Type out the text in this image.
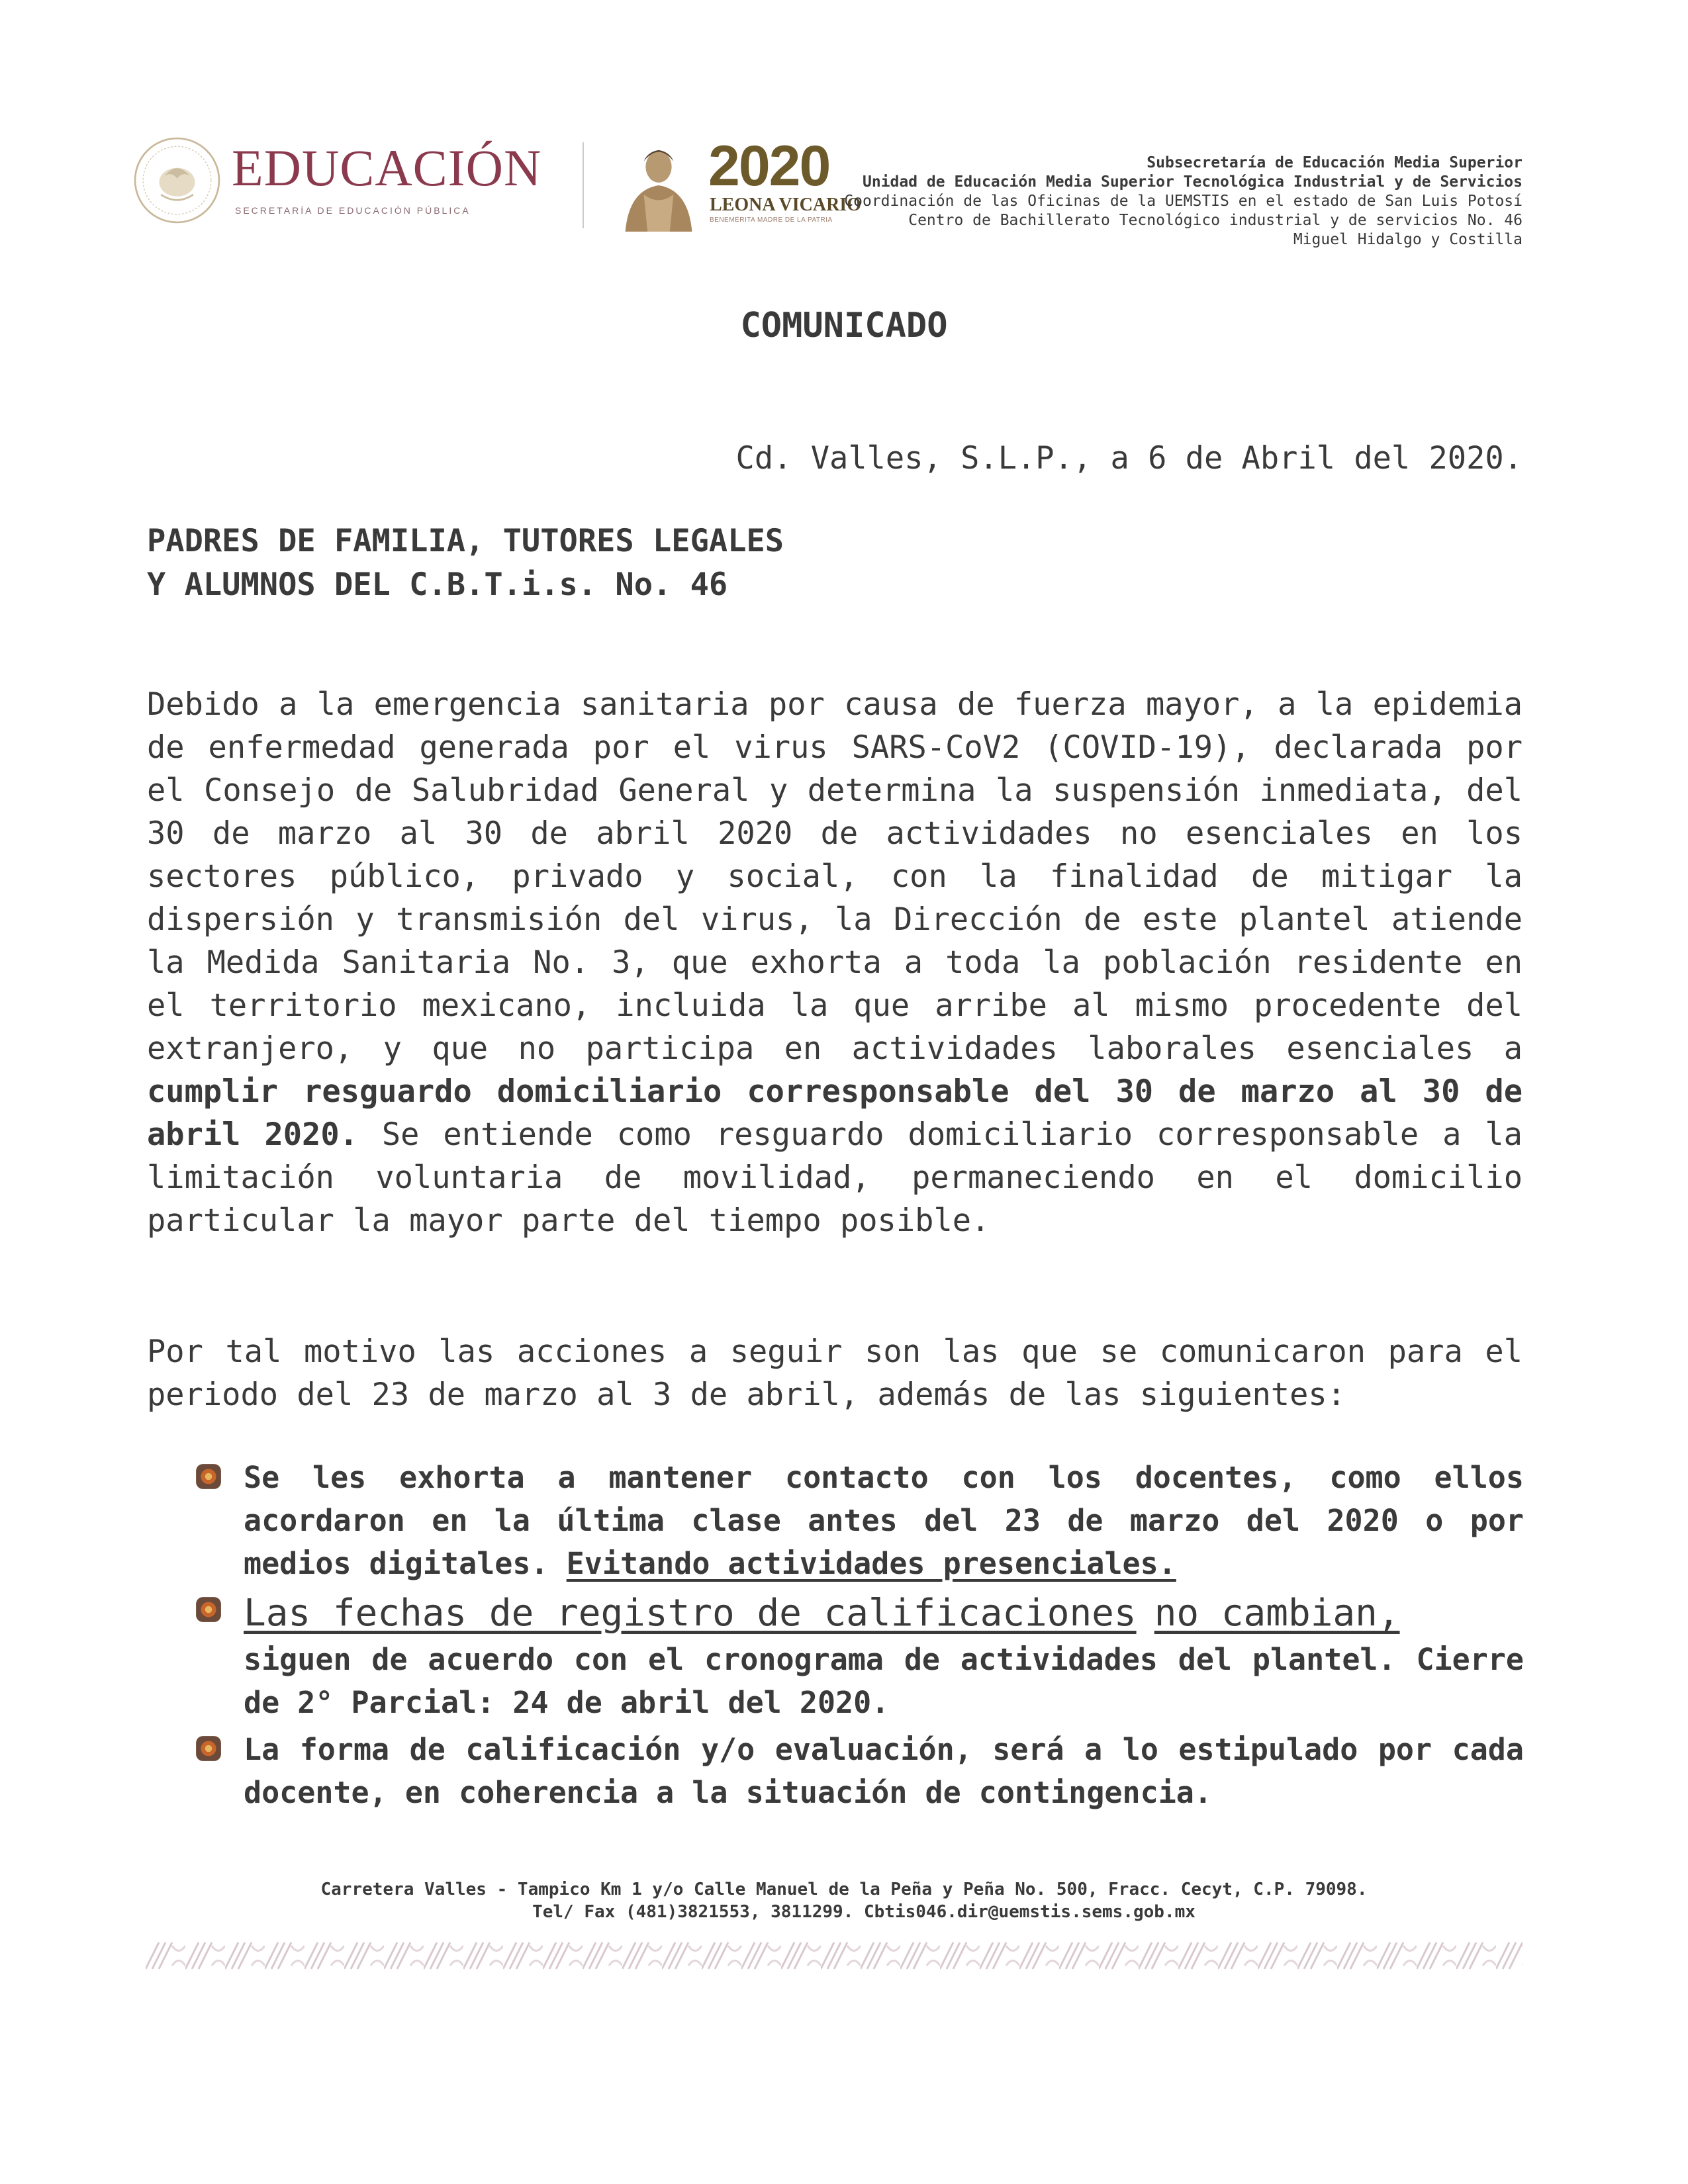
EDUCACIÓN
SECRETARÍA DE EDUCACIÓN PÚBLICA
2020
LEONA VICARIO
BENEMÉRITA MADRE DE LA PATRIA
Subsecretaría de Educación Media Superior
Unidad de Educación Media Superior Tecnológica Industrial y de Servicios
Coordinación de las Oficinas de la UEMSTIS en el estado de San Luis Potosí
Centro de Bachillerato Tecnológico industrial y de servicios No. 46
Miguel Hidalgo y Costilla
COMUNICADO
Cd. Valles, S.L.P., a 6 de Abril del 2020.
PADRES DE FAMILIA, TUTORES LEGALES
Y ALUMNOS DEL C.B.T.i.s. No. 46
Debido a la emergencia sanitaria por causa de fuerza mayor, a la epidemia de enfermedad generada por el virus SARS-CoV2 (COVID-19), declarada por el Consejo de Salubridad General y determina la suspensión inmediata, del 30 de marzo al 30 de abril 2020 de actividades no esenciales en los sectores público, privado y social, con la finalidad de mitigar la dispersión y transmisión del virus, la Dirección de este plantel atiende la Medida Sanitaria No. 3, que exhorta a toda la población residente en el territorio mexicano, incluida la que arribe al mismo procedente del extranjero, y que no participa en actividades laborales esenciales a cumplir resguardo domiciliario corresponsable del 30 de marzo al 30 de abril 2020. Se entiende como resguardo domiciliario corresponsable a la limitación voluntaria de movilidad, permaneciendo en el domicilio particular la mayor parte del tiempo posible.
Por tal motivo las acciones a seguir son las que se comunicaron para el periodo del 23 de marzo al 3 de abril, además de las siguientes:
Se les exhorta a mantener contacto con los docentes, como ellos acordaron en la última clase antes del 23 de marzo del 2020 o por medios digitales. Evitando actividades presenciales.
Las fechas de registro de calificaciones no cambian,
siguen de acuerdo con el cronograma de actividades del plantel. Cierre de 2° Parcial: 24 de abril del 2020.
La forma de calificación y/o evaluación, será a lo estipulado por cada docente, en coherencia a la situación de contingencia.
Carretera Valles - Tampico Km 1 y/o Calle Manuel de la Peña y Peña No. 500, Fracc. Cecyt, C.P. 79098.
Tel/ Fax (481)3821553, 3811299. Cbtis046.dir@uemstis.sems.gob.mx
